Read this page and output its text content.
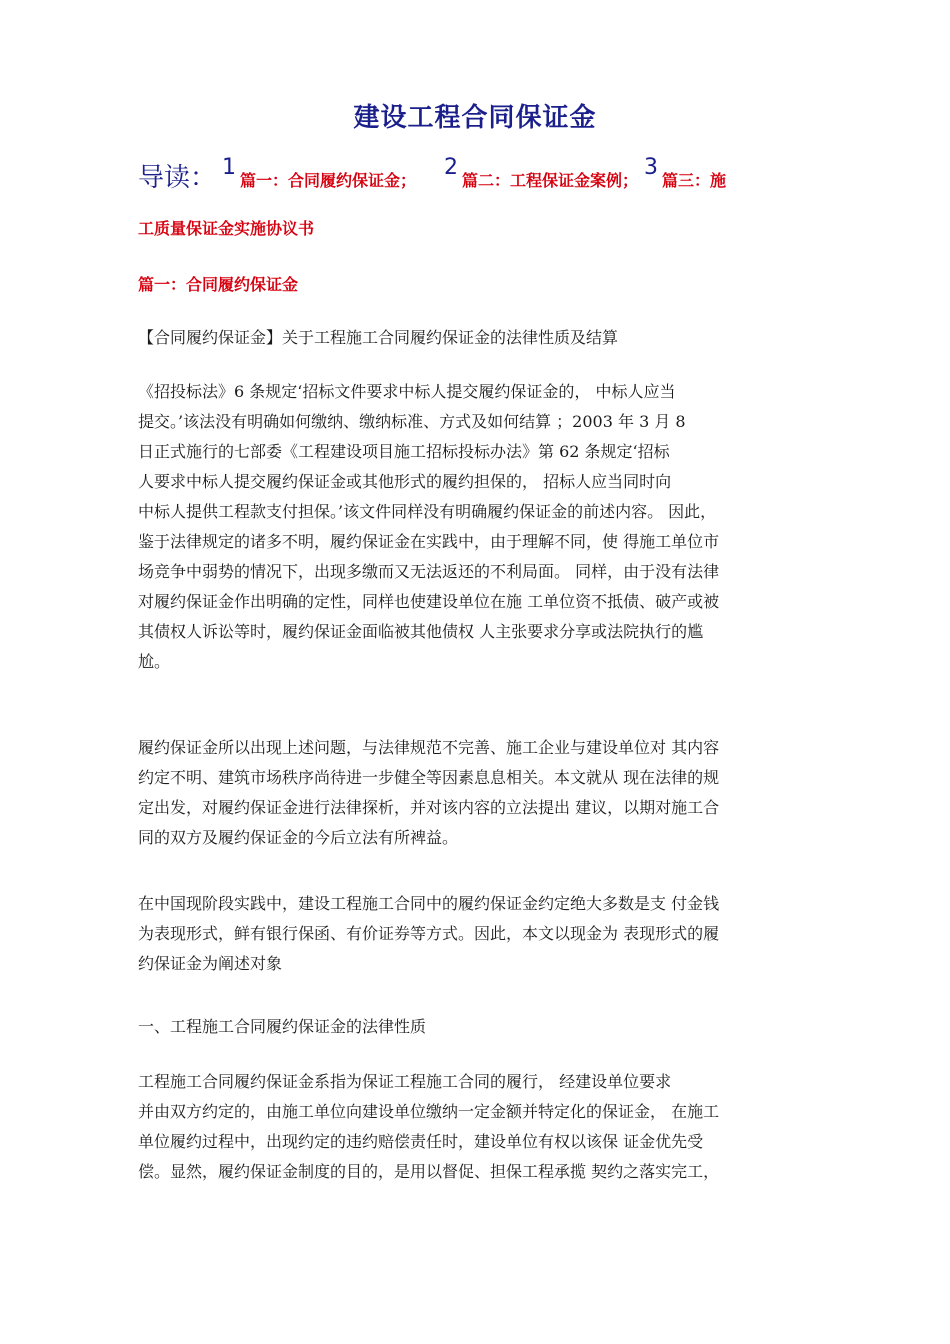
建设工程合同保证金
导读： 1篇一：合同履约保证金；2篇二：工程保证金案例；3篇三：施
工质量保证金实施协议书
篇一：合同履约保证金
【合同履约保证金】关于工程施工合同履约保证金的法律性质及结算
《招投标法》6 条规定‘招标文件要求中标人提交履约保证金的， 中标人应当
提交。’该法没有明确如何缴纳、缴纳标准、方式及如何结算 ；2003 年 3 月 8
日正式施行的七部委《工程建设项目施工招标投标办法》第 62 条规定‘招标
人要求中标人提交履约保证金或其他形式的履约担保的， 招标人应当同时向
中标人提供工程款支付担保。’该文件同样没有明确履约保证金的前述内容。 因此，
鉴于法律规定的诸多不明，履约保证金在实践中，由于理解不同，使 得施工单位市
场竞争中弱势的情况下，出现多缴而又无法返还的不利局面。 同样，由于没有法律
对履约保证金作出明确的定性，同样也使建设单位在施 工单位资不抵债、破产或被
其债权人诉讼等时，履约保证金面临被其他债权 人主张要求分享或法院执行的尴
尬。
履约保证金所以出现上述问题，与法律规范不完善、施工企业与建设单位对 其内容
约定不明、建筑市场秩序尚待进一步健全等因素息息相关。本文就从 现在法律的规
定出发，对履约保证金进行法律探析，并对该内容的立法提出 建议，以期对施工合
同的双方及履约保证金的今后立法有所裨益。
在中国现阶段实践中，建设工程施工合同中的履约保证金约定绝大多数是支 付金钱
为表现形式，鲜有银行保函、有价证券等方式。因此，本文以现金为 表现形式的履
约保证金为阐述对象
一、工程施工合同履约保证金的法律性质
工程施工合同履约保证金系指为保证工程施工合同的履行， 经建设单位要求
并由双方约定的，由施工单位向建设单位缴纳一定金额并特定化的保证金， 在施工
单位履约过程中，出现约定的违约赔偿责任时，建设单位有权以该保 证金优先受
偿。显然，履约保证金制度的目的，是用以督促、担保工程承揽 契约之落实完工，
